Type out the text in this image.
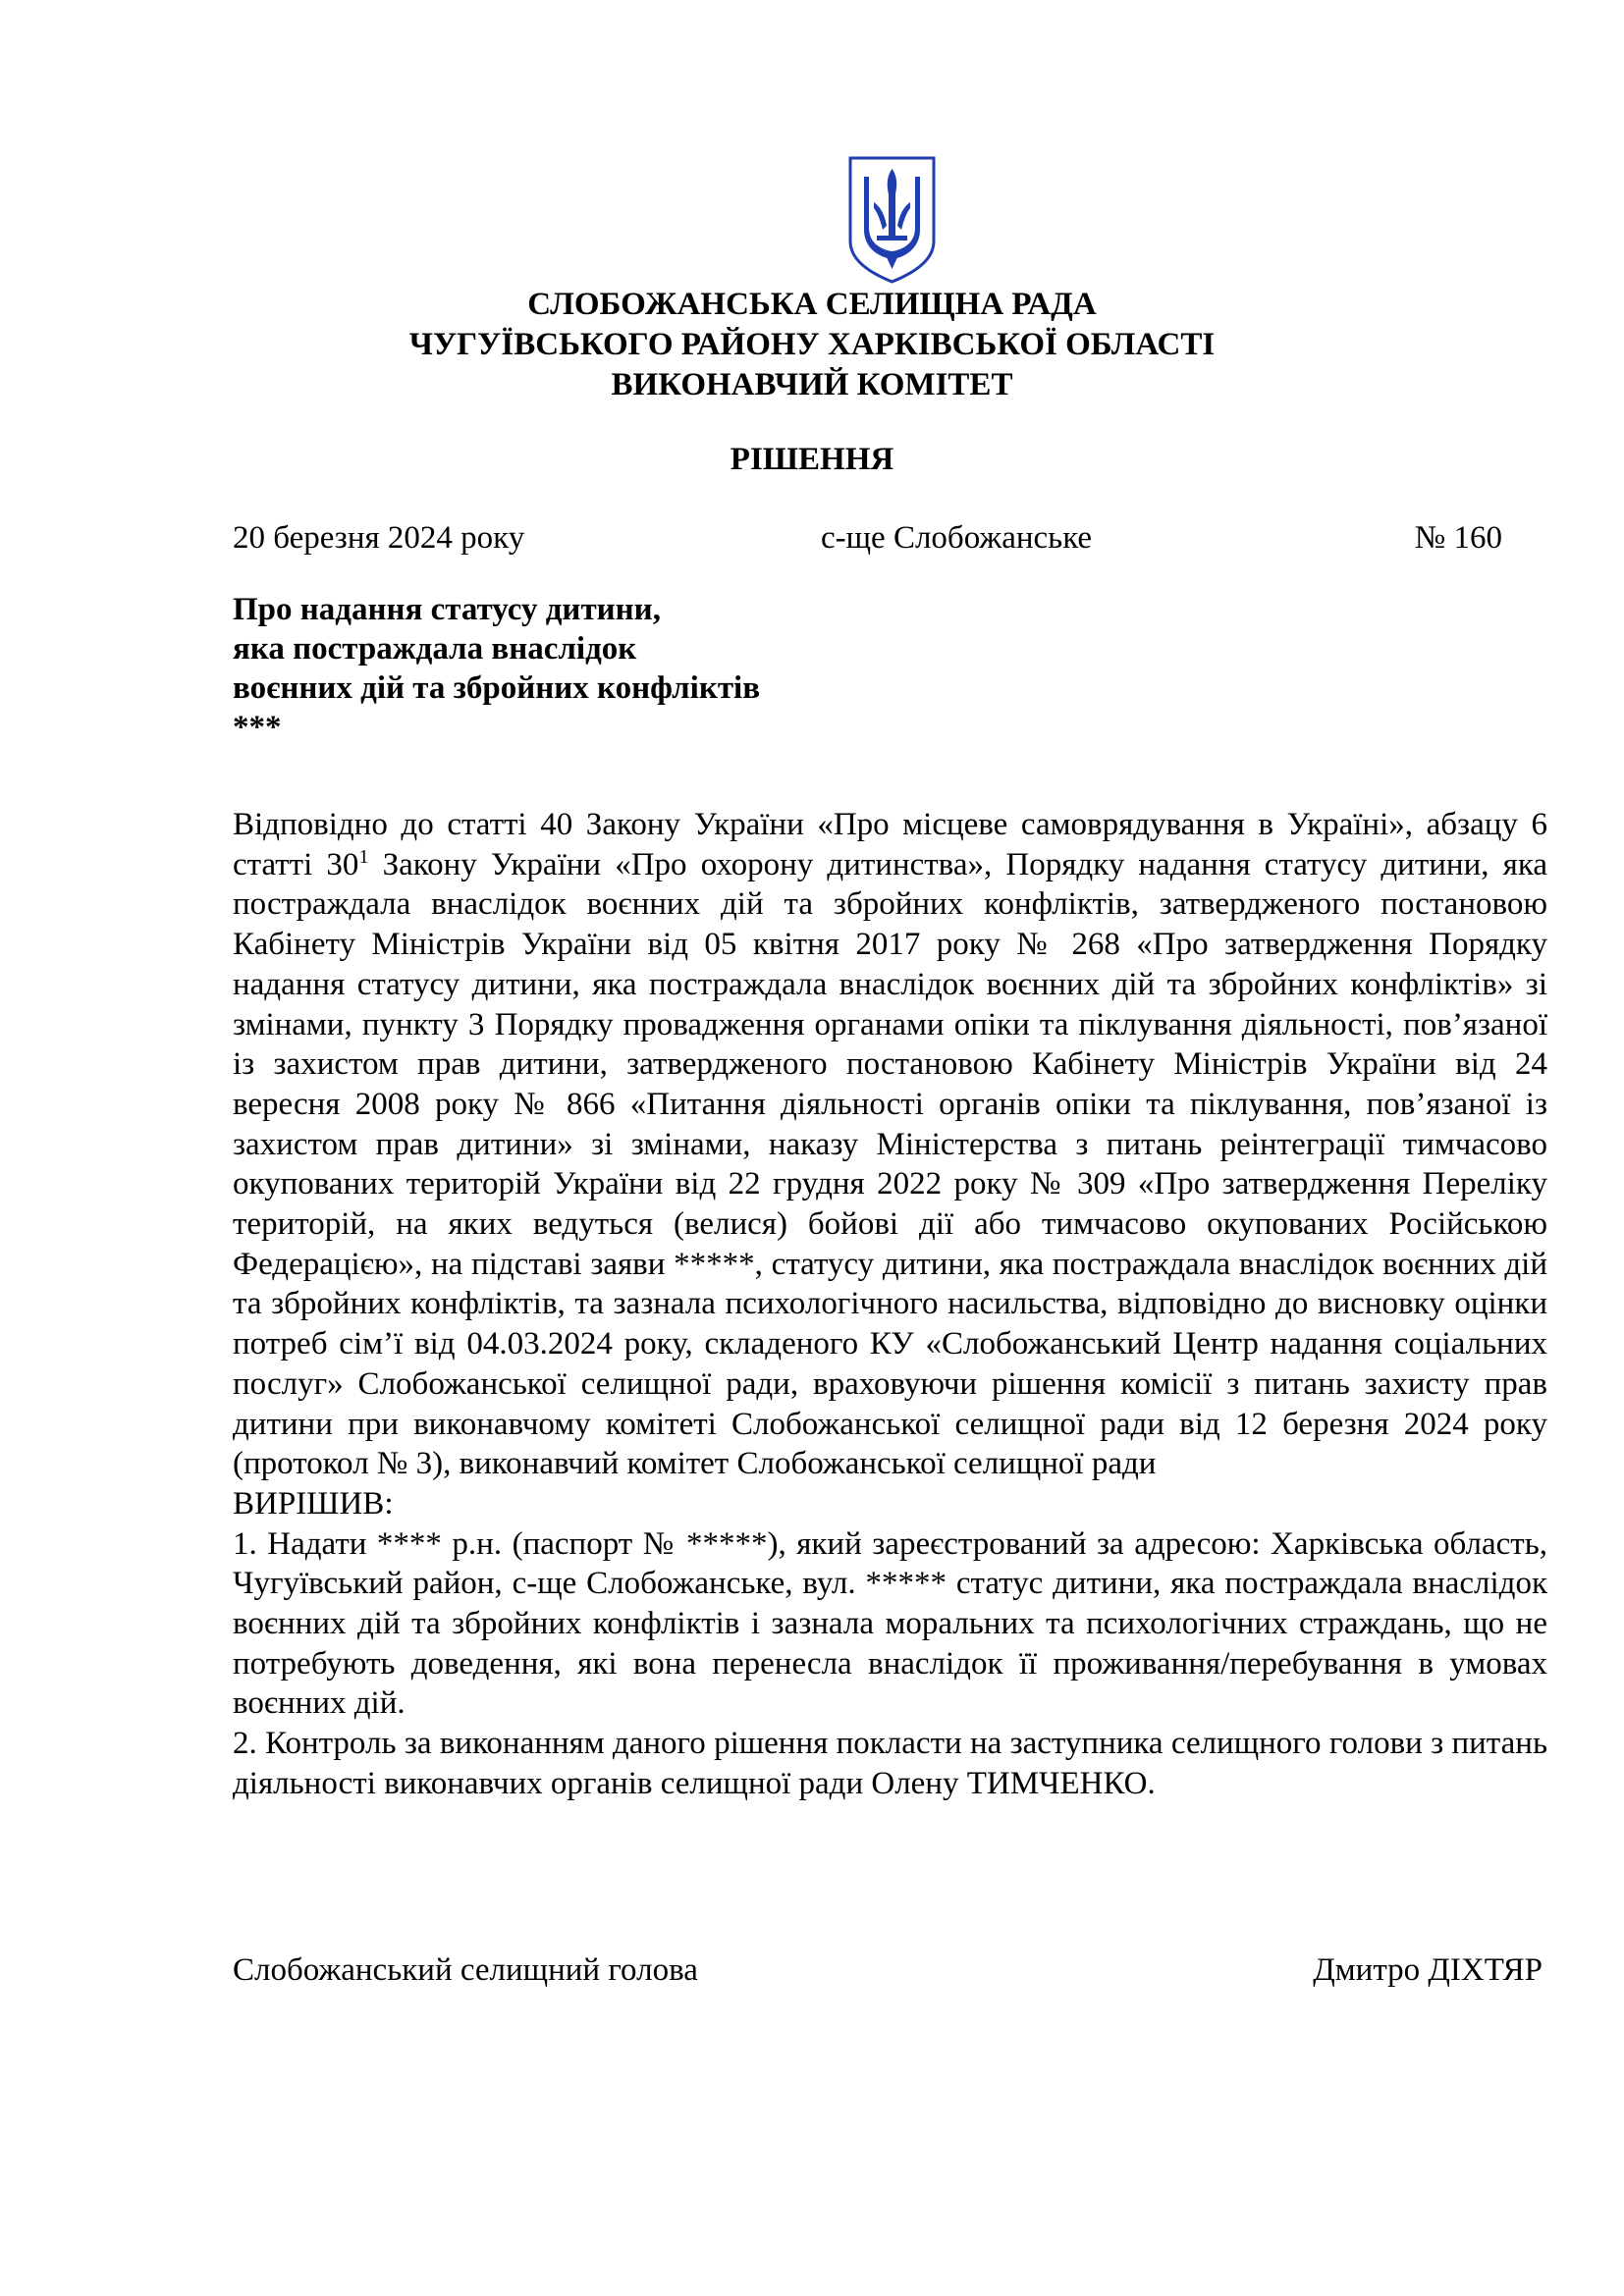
СЛОБОЖАНСЬКА СЕЛИЩНА РАДА
ЧУГУЇВСЬКОГО РАЙОНУ ХАРКІВСЬКОЇ ОБЛАСТІ
ВИКОНАВЧИЙ КОМІТЕТ
РІШЕННЯ
20 березня 2024 року	с-ще Слобожанське	№ 160
Про надання статусу дитини,
яка постраждала внаслідок
воєнних дій та збройних конфліктів
***

Відповідно до статті 40 Закону України «Про місцеве самоврядування в Україні», абзацу 6 статті $30^1$ Закону України «Про охорону дитинства», Порядку надання статусу дитини, яка постраждала внаслідок воєнних дій та збройних конфліктів, затвердженого постановою Кабінету Міністрів України від 05 квітня 2017 року № 268 «Про затвердження Порядку надання статусу дитини, яка постраждала внаслідок воєнних дій та збройних конфліктів» зі змінами, пункту 3 Порядку провадження органами опіки та піклування діяльності, пов’язаної із захистом прав дитини, затвердженого постановою Кабінету Міністрів України від 24 вересня 2008 року № 866 «Питання діяльності органів опіки та піклування, пов’язаної із захистом прав дитини» зі змінами, наказу Міністерства з питань реінтеграції тимчасово окупованих територій України від 22 грудня 2022 року № 309 «Про затвердження Переліку територій, на яких ведуться (велися) бойові дії або тимчасово окупованих Російською Федерацією», на підставі заяви *****, статусу дитини, яка постраждала внаслідок воєнних дій та збройних конфліктів, та зазнала психологічного насильства, відповідно до висновку оцінки потреб сім’ї від 04.03.2024 року, складеного КУ «Слобожанський Центр надання соціальних послуг» Слобожанської селищної ради, враховуючи рішення комісії з питань захисту прав дитини при виконавчому комітеті Слобожанської селищної ради від 12 березня 2024 року (протокол № 3), виконавчий комітет Слобожанської селищної ради

ВИРІШИВ:

1. Надати **** р.н. (паспорт № *****), який зареєстрований за адресою: Харківська область, Чугуївський район, с-ще Слобожанське, вул. ***** статус дитини, яка постраждала внаслідок воєнних дій та збройних конфліктів і зазнала моральних та психологічних страждань, що не потребують доведення, які вона перенесла внаслідок її проживання/перебування в умовах воєнних дій.

2. Контроль за виконанням даного рішення покласти на заступника селищного голови з питань діяльності виконавчих органів селищної ради Олену ТИМЧЕНКО.

Слобожанський селищний голова	Дмитро ДІХТЯР
